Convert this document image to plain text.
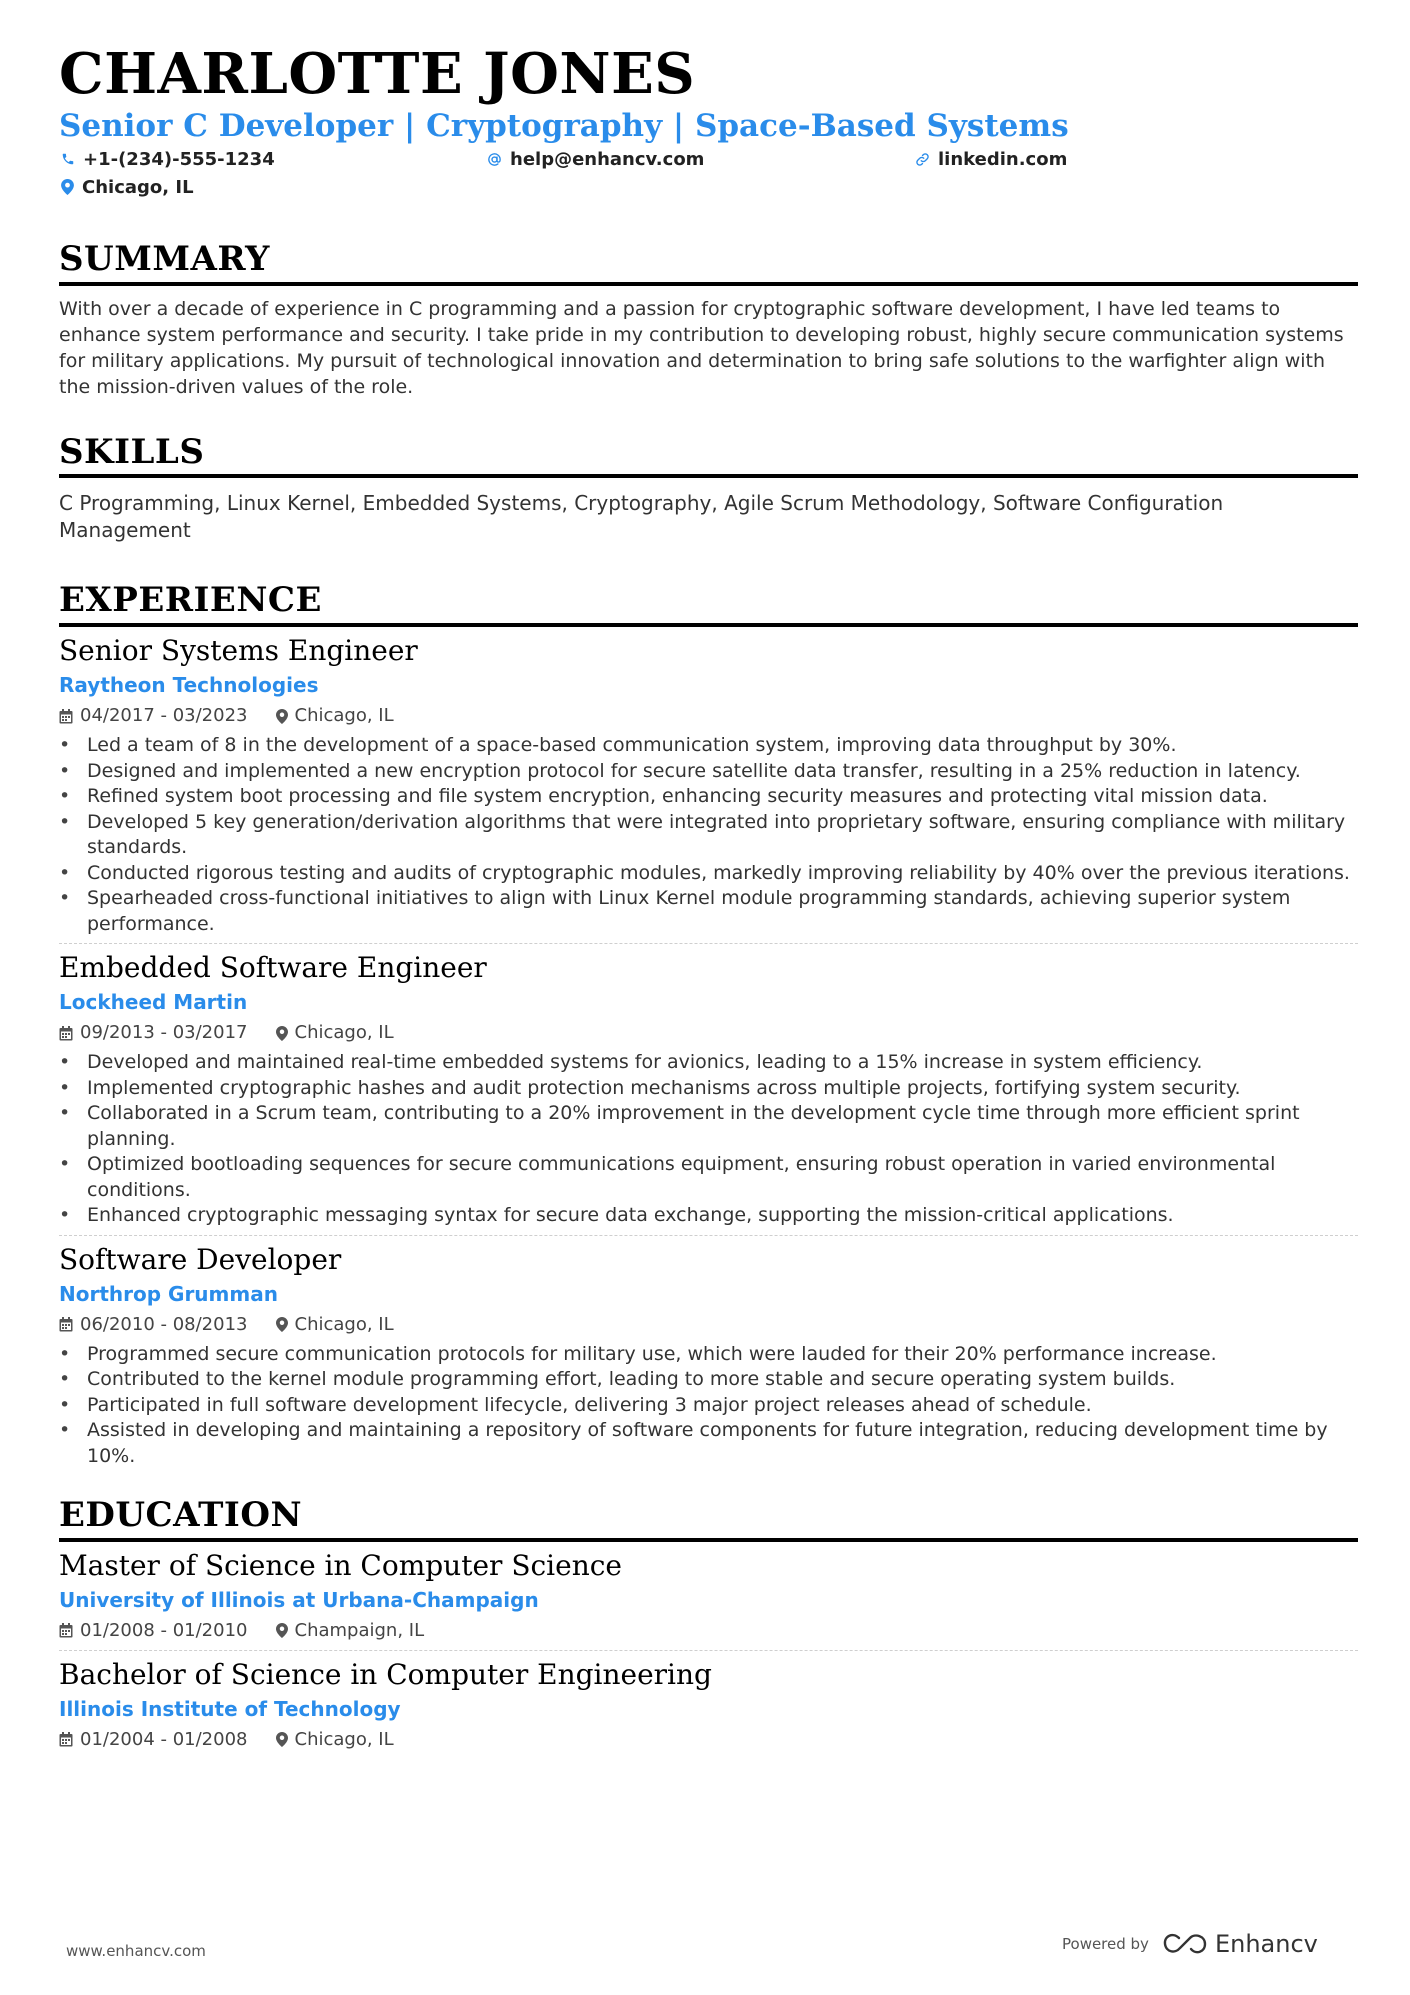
CHARLOTTE JONES
Senior C Developer | Cryptography | Space-Based Systems
+1-(234)-555-1234	help@enhancv.com	linkedin.com
Chicago, IL
SUMMARY
With over a decade of experience in C programming and a passion for cryptographic software development, I have led teams to enhance system performance and security. I take pride in my contribution to developing robust, highly secure communication systems for military applications. My pursuit of technological innovation and determination to bring safe solutions to the warfighter align with the mission-driven values of the role.
SKILLS
C Programming, Linux Kernel, Embedded Systems, Cryptography, Agile Scrum Methodology, Software Configuration Management
EXPERIENCE
Senior Systems Engineer
Raytheon Technologies
04/2017 - 03/2023	Chicago, IL
• Led a team of 8 in the development of a space-based communication system, improving data throughput by 30%.
• Designed and implemented a new encryption protocol for secure satellite data transfer, resulting in a 25% reduction in latency.
• Refined system boot processing and file system encryption, enhancing security measures and protecting vital mission data.
• Developed 5 key generation/derivation algorithms that were integrated into proprietary software, ensuring compliance with military standards.
• Conducted rigorous testing and audits of cryptographic modules, markedly improving reliability by 40% over the previous iterations.
• Spearheaded cross-functional initiatives to align with Linux Kernel module programming standards, achieving superior system performance.
Embedded Software Engineer
Lockheed Martin
09/2013 - 03/2017	Chicago, IL
• Developed and maintained real-time embedded systems for avionics, leading to a 15% increase in system efficiency.
• Implemented cryptographic hashes and audit protection mechanisms across multiple projects, fortifying system security.
• Collaborated in a Scrum team, contributing to a 20% improvement in the development cycle time through more efficient sprint planning.
• Optimized bootloading sequences for secure communications equipment, ensuring robust operation in varied environmental conditions.
• Enhanced cryptographic messaging syntax for secure data exchange, supporting the mission-critical applications.
Software Developer
Northrop Grumman
06/2010 - 08/2013	Chicago, IL
• Programmed secure communication protocols for military use, which were lauded for their 20% performance increase.
• Contributed to the kernel module programming effort, leading to more stable and secure operating system builds.
• Participated in full software development lifecycle, delivering 3 major project releases ahead of schedule.
• Assisted in developing and maintaining a repository of software components for future integration, reducing development time by 10%.
EDUCATION
Master of Science in Computer Science
University of Illinois at Urbana-Champaign
01/2008 - 01/2010	Champaign, IL
Bachelor of Science in Computer Engineering
Illinois Institute of Technology
01/2004 - 01/2008	Chicago, IL
www.enhancv.com	Powered by	Enhancv
